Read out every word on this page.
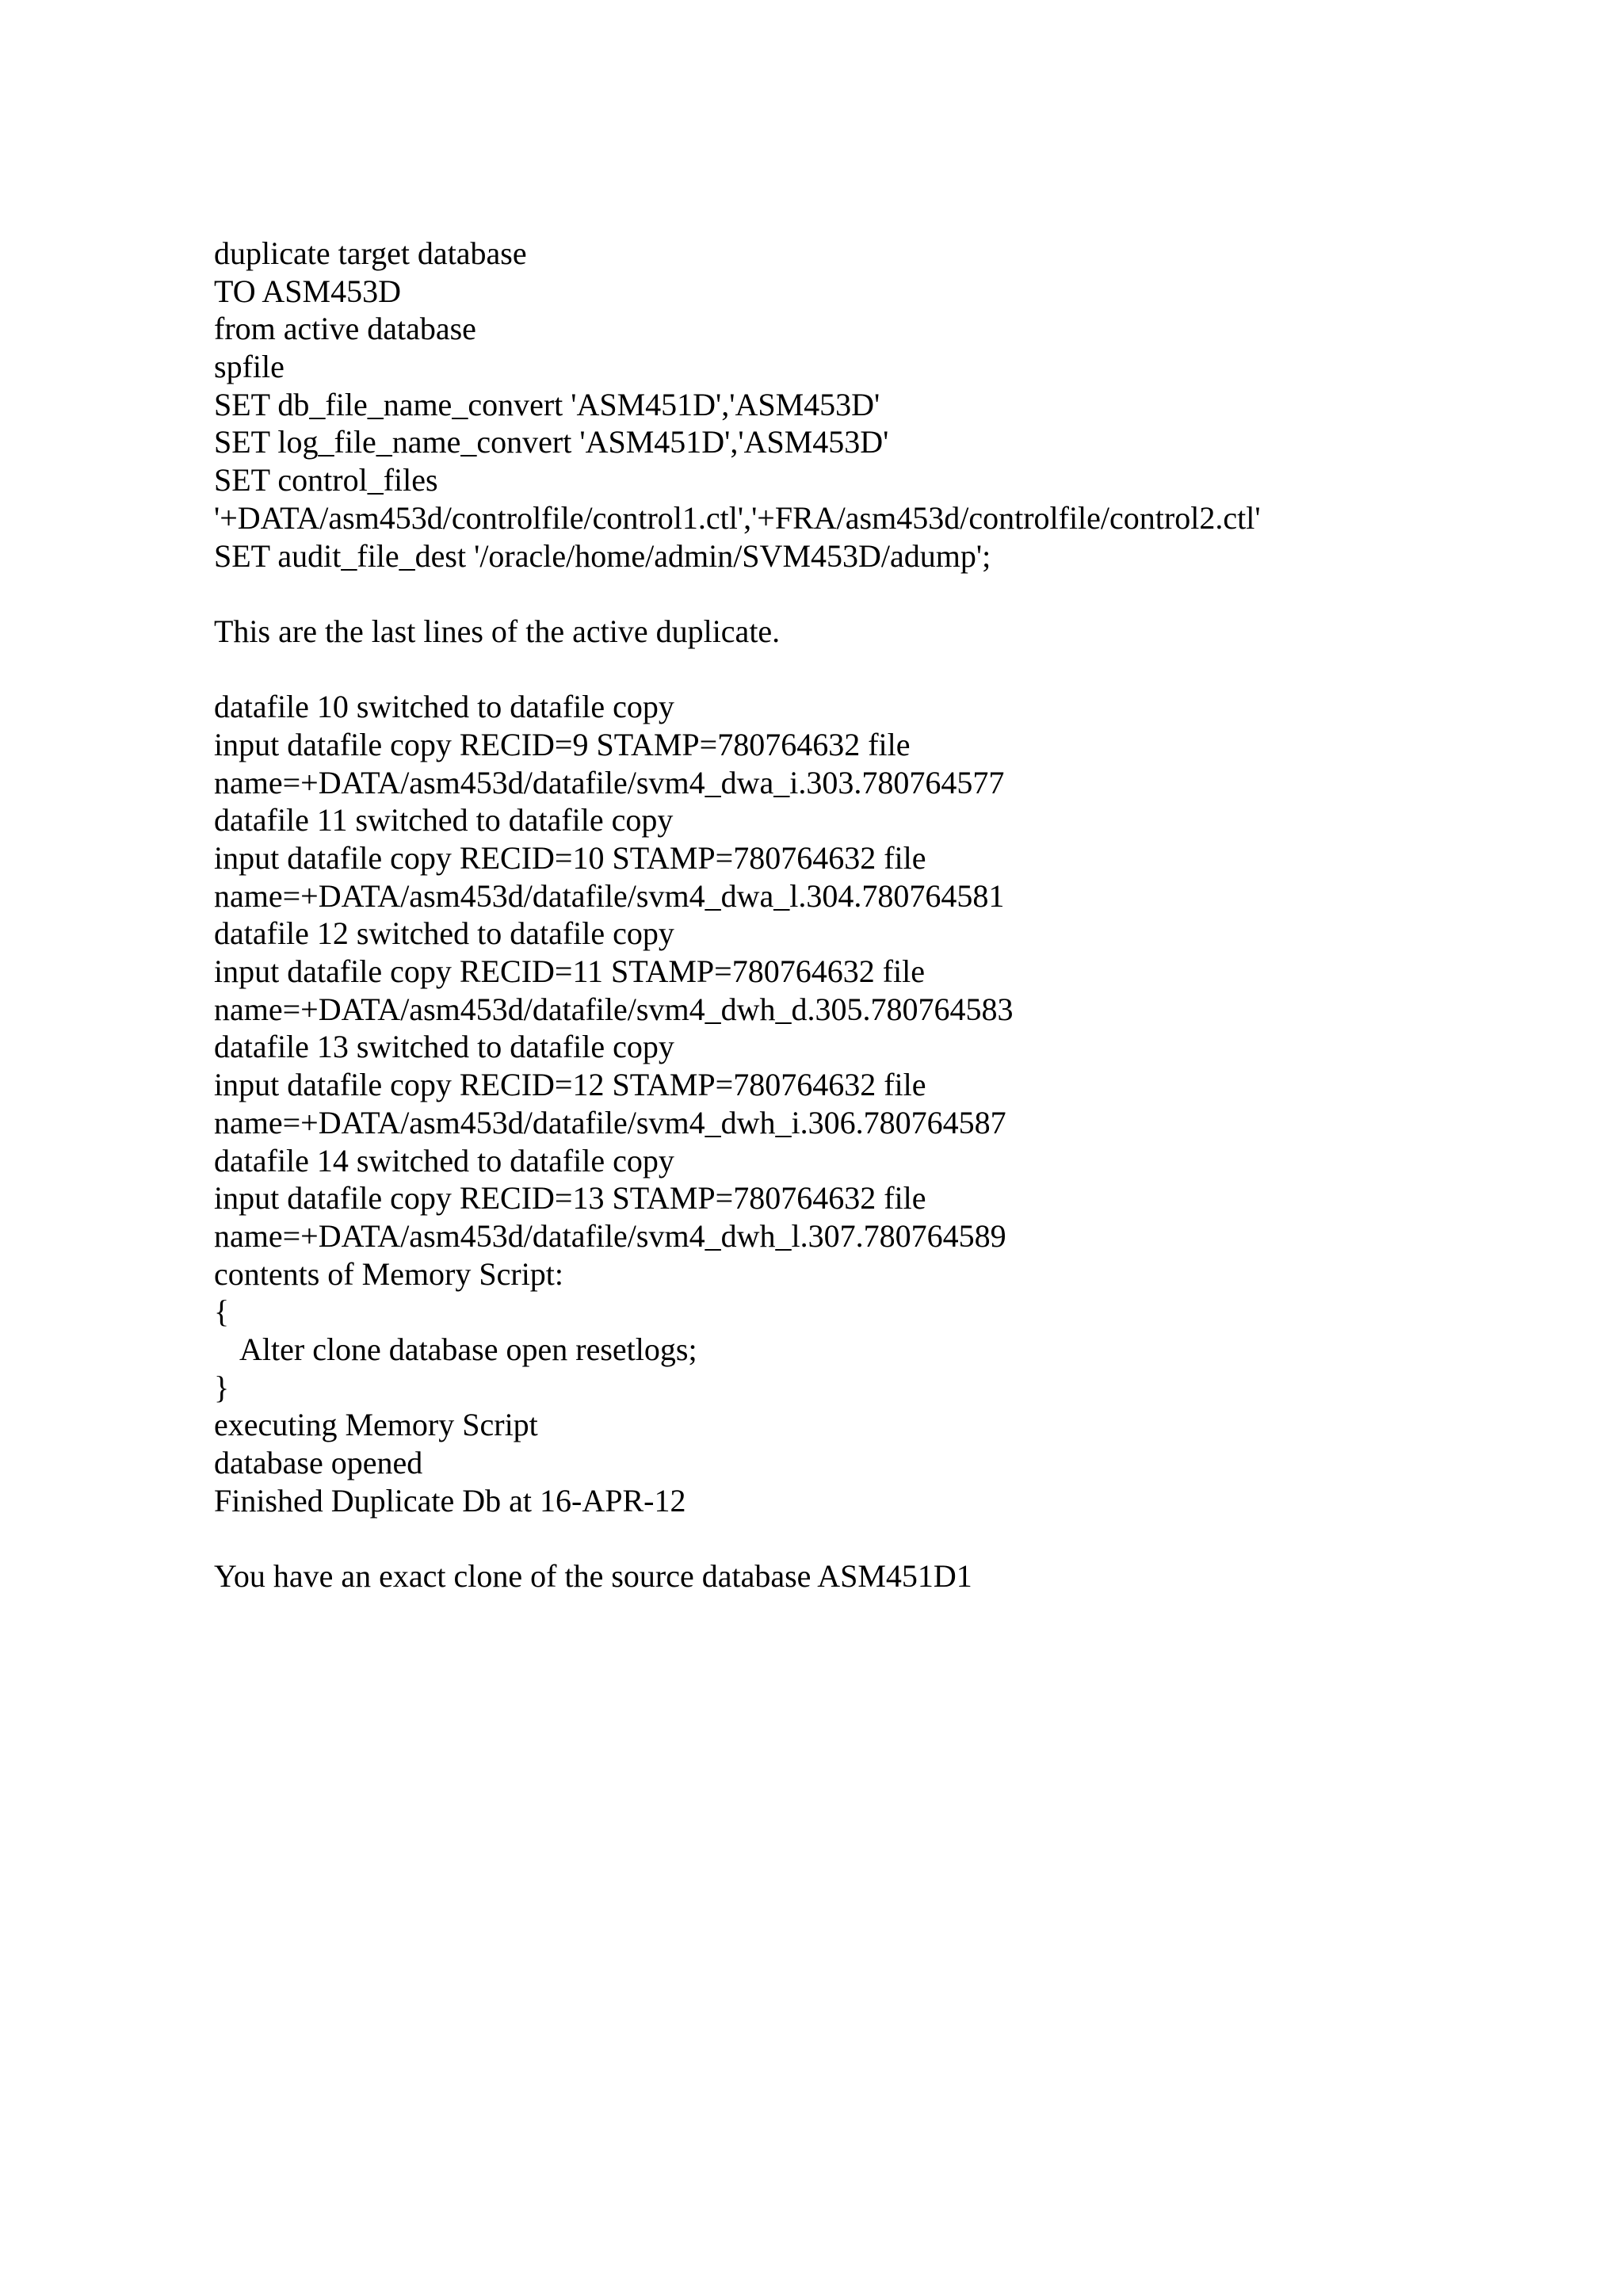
duplicate target database
TO ASM453D
from active database
spfile
SET db_file_name_convert 'ASM451D','ASM453D'
SET log_file_name_convert 'ASM451D','ASM453D'
SET control_files
'+DATA/asm453d/controlfile/control1.ctl','+FRA/asm453d/controlfile/control2.ctl'
SET audit_file_dest '/oracle/home/admin/SVM453D/adump';
This are the last lines of the active duplicate.
datafile 10 switched to datafile copy
input datafile copy RECID=9 STAMP=780764632 file
name=+DATA/asm453d/datafile/svm4_dwa_i.303.780764577
datafile 11 switched to datafile copy
input datafile copy RECID=10 STAMP=780764632 file
name=+DATA/asm453d/datafile/svm4_dwa_l.304.780764581
datafile 12 switched to datafile copy
input datafile copy RECID=11 STAMP=780764632 file
name=+DATA/asm453d/datafile/svm4_dwh_d.305.780764583
datafile 13 switched to datafile copy
input datafile copy RECID=12 STAMP=780764632 file
name=+DATA/asm453d/datafile/svm4_dwh_i.306.780764587
datafile 14 switched to datafile copy
input datafile copy RECID=13 STAMP=780764632 file
name=+DATA/asm453d/datafile/svm4_dwh_l.307.780764589
contents of Memory Script:
{
Alter clone database open resetlogs;
}
executing Memory Script
database opened
Finished Duplicate Db at 16-APR-12
You have an exact clone of the source database ASM451D1
